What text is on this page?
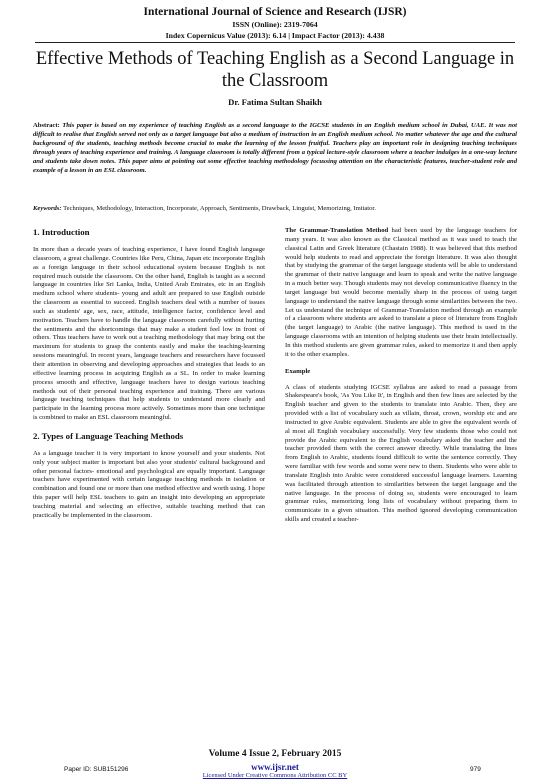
International Journal of Science and Research (IJSR)
ISSN (Online): 2319-7064
Index Copernicus Value (2013): 6.14 | Impact Factor (2013): 4.438
Effective Methods of Teaching English as a Second Language in the Classroom
Dr. Fatima Sultan Shaikh
Abstract: This paper is based on my experience of teaching English as a second language to the IGCSE students in an English medium school in Dubai, UAE. It was not difficult to realise that English served not only as a target language but also a medium of instruction in an English medium school. No matter whatever the age and the cultural background of the students, teaching methods become crucial to make the learning of the lesson fruitful. Teachers play an important role in designing teaching techniques through years of teaching experience and training. A language classroom is totally different from a typical lecture-style classroom where a teacher indulges in a one-way lecture and students take down notes. This paper aims at pointing out some effective teaching methodology focussing attention on the characteristic features, teacher-student role and example of a lesson in an ESL classroom.
Keywords: Techniques, Methodology, Interaction, Incorporate, Approach, Sentiments, Drawback, Linguist, Memorizing, Imitator.
1. Introduction
In more than a decade years of teaching experience, I have found English language classroom, a great challenge. Countries like Peru, China, Japan etc incorporate English as a foreign language in their school educational system because English is not required much outside the classroom. On the other hand, English is taught as a second language in countries like Sri Lanka, India, United Arab Emirates, etc in an English medium school where students- young and adult are prepared to use English outside the classroom as essential to succeed. English teachers deal with a number of issues such as students' age, sex, race, attitude, intelligence factor, confidence level and motivation. Teachers have to handle the language classroom carefully without hurting the sentiments and the shortcomings that may make a student feel low in front of others. Thus teachers have to work out a teaching methodology that may bring out the maximum for students to grasp the contents easily and make the teaching-learning sessions meaningful. In recent years, language teachers and researchers have focussed their attention in observing and developing approaches and strategies that leads to an effective learning process in acquiring English as a SL. In order to make learning process smooth and effective, language teachers have to design various teaching methods out of their personal teaching experience and training. There are various language teaching techniques that help students to understand more clearly and participate in the learning process more actively. Sometimes more than one technique is combined to make an ESL classroom meaningful.
2. Types of Language Teaching Methods
As a language teacher it is very important to know yourself and your students. Not only your subject matter is important but also your students' cultural background and other personal factors- emotional and psychological are equally important. Language teachers have experimented with certain language teaching methods in isolation or combination and found one or more than one method effective and worth using. I hope this paper will help ESL teachers to gain an insight into developing an appropriate teaching material and selecting an effective, suitable teaching method that can practically be implemented in the classroom.
The Grammar-Translation Method had been used by the language teachers for many years. It was also known as the Classical method as it was used to teach the classical Latin and Greek literature (Chastain 1988). It was believed that this method would help students to read and appreciate the foreign literature. It was also thought that by studying the grammar of the target language students will be able to understand the grammar of their native language and learn to speak and write the native language in a much better way. Though students may not develop communicative fluency in the target language but would become mentally sharp in the process of using target language to understand the native language through some similarities between the two. Let us understand the technique of Grammar-Translation method through an example of a classroom where students are asked to translate a piece of literature from English (the target language) to Arabic (the native language). This method is used in the language classrooms with an intention of helping students use their brain intellectually. In this method students are given grammar rules, asked to memorize it and then apply it to the other examples.
Example
A class of students studying IGCSE syllabus are asked to read a passage from Shakespeare's book, 'As You Like It', in English and then few lines are selected by the English teacher and given to the students to translate into Arabic. Then, they are provided with a list of vocabulary such as villain, throat, crown, worship etc and are instructed to give Arabic equivalent. Students are able to give the equivalent words of al most all English vocabulary successfully. Very few students those who could not provide the Arabic equivalent to the English vocabulary asked the teacher and the teacher provided them with the correct answer directly. While translating the lines from English to Arabic, students found difficult to write the sentence correctly. They were familiar with few words and some were new to them. Students who were able to translate English into Arabic were considered successful language learners. Learning was facilitated through attention to similarities between the target language and the native language. In the process of doing so, students were encouraged to learn grammar rules, memorizing long lists of vocabulary without preparing them to communicate in a given situation. This method ignored developing communication skills and created a teacher-
Volume 4 Issue 2, February 2015
www.ijsr.net
Paper ID: SUB151296	979
Licensed Under Creative Commons Attribution CC BY
